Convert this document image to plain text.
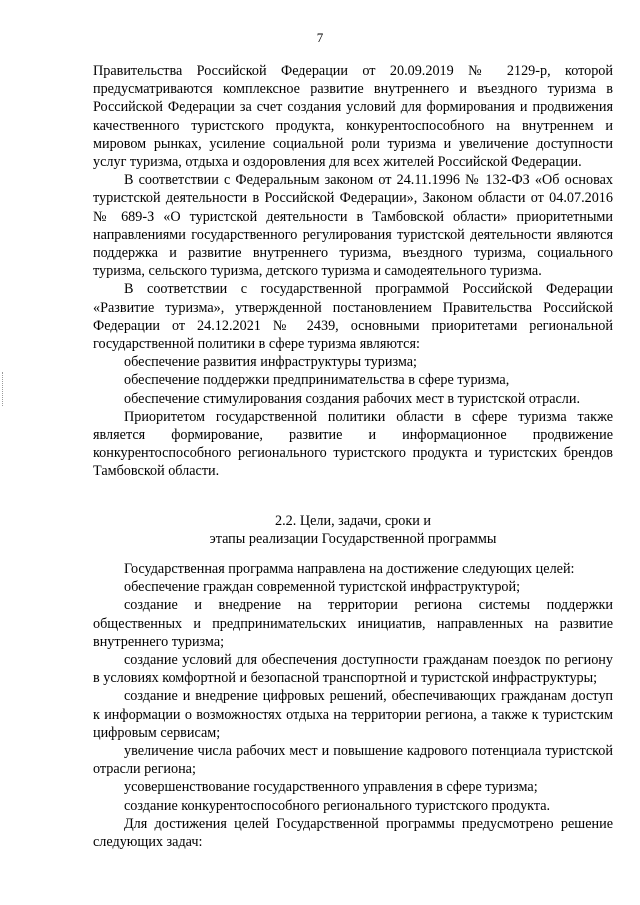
7

Правительства Российской Федерации от 20.09.2019 № 2129-р, которой предусматриваются комплексное развитие внутреннего и въездного туризма в Российской Федерации за счет создания условий для формирования и продвижения качественного туристского продукта, конкурентоспособного на внутреннем и мировом рынках, усиление социальной роли туризма и увеличение доступности услуг туризма, отдыха и оздоровления для всех жителей Российской Федерации.

В соответствии с Федеральным законом от 24.11.1996 № 132-ФЗ «Об основах туристской деятельности в Российской Федерации», Законом области от 04.07.2016 № 689-З «О туристской деятельности в Тамбовской области» приоритетными направлениями государственного регулирования туристской деятельности являются поддержка и развитие внутреннего туризма, въездного туризма, социального туризма, сельского туризма, детского туризма и самодеятельного туризма.

В соответствии с государственной программой Российской Федерации «Развитие туризма», утвержденной постановлением Правительства Российской Федерации от 24.12.2021 № 2439, основными приоритетами региональной государственной политики в сфере туризма являются:

обеспечение развития инфраструктуры туризма;

обеспечение поддержки предпринимательства в сфере туризма,

обеспечение стимулирования создания рабочих мест в туристской отрасли.

Приоритетом государственной политики области в сфере туризма также является формирование, развитие и информационное продвижение конкурентоспособного регионального туристского продукта и туристских брендов Тамбовской области.

2.2. Цели, задачи, сроки и
этапы реализации Государственной программы

Государственная программа направлена на достижение следующих целей:

обеспечение граждан современной туристской инфраструктурой;

создание и внедрение на территории региона системы поддержки общественных и предпринимательских инициатив, направленных на развитие внутреннего туризма;

создание условий для обеспечения доступности гражданам поездок по региону в условиях комфортной и безопасной транспортной и туристской инфраструктуры;

создание и внедрение цифровых решений, обеспечивающих гражданам доступ к информации о возможностях отдыха на территории региона, а также к туристским цифровым сервисам;

увеличение числа рабочих мест и повышение кадрового потенциала туристской отрасли региона;

усовершенствование государственного управления в сфере туризма;

создание конкурентоспособного регионального туристского продукта.

Для достижения целей Государственной программы предусмотрено решение следующих задач:
